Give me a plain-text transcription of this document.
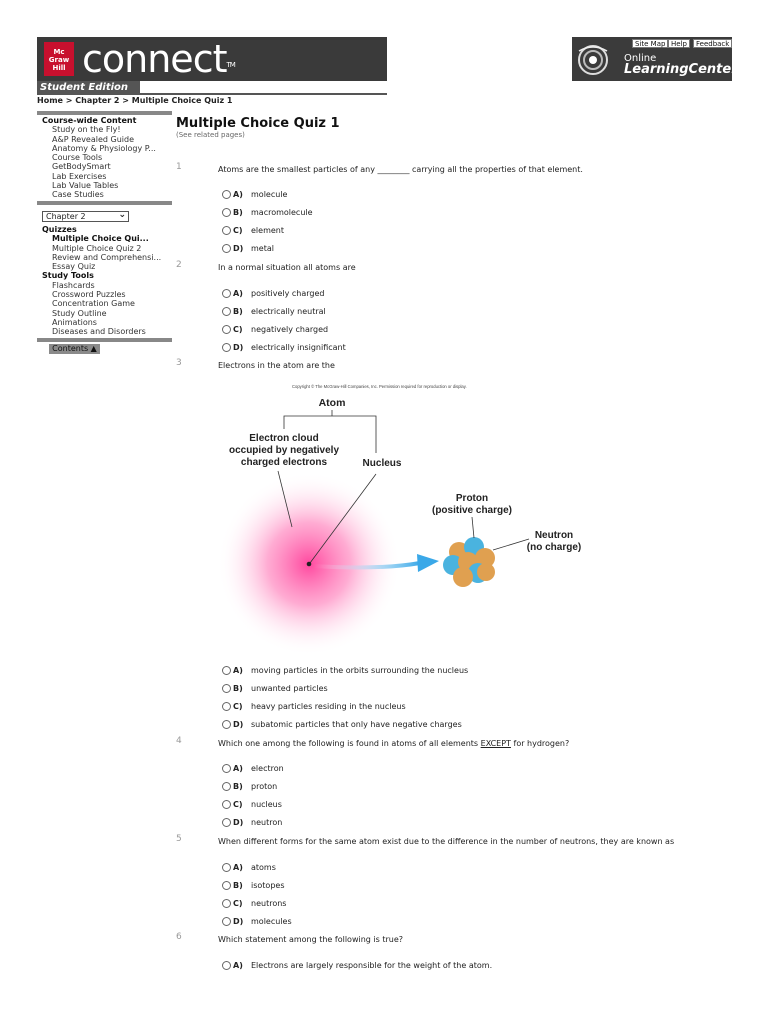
Mc
Graw
Hill connect™
Student Edition
Home > Chapter 2 > Multiple Choice Quiz 1
Site Map Help	Feedback
Online
LearningCenter
Course-wide Content
Study on the Fly!
A&P Revealed Guide
Anatomy & Physiology P...
Course Tools
GetBodySmart
Lab Exercises
Lab Value Tables
Case Studies
Chapter 2	⌄
Quizzes
Multiple Choice Qui...
Multiple Choice Quiz 2
Review and Comprehensi...
Essay Quiz
Study Tools
Flashcards
Crossword Puzzles
Concentration Game
Study Outline
Animations
Diseases and Disorders
Contents ▲
Multiple Choice Quiz 1
(See related pages)
1	Atoms are the smallest particles of any ________ carrying all the properties of that element.
A)	molecule
B)	macromolecule
C)	element
D) metal
2	In a normal situation all atoms are
A)	positively charged
B)	electrically neutral
C)	negatively charged
D) electrically insignificant
3	Electrons in the atom are the
Copyright © The McGraw-Hill Companies, Inc. Permission required for reproduction or display.
Atom
Electron cloud
occupied by negatively
charged electrons	Nucleus
Proton
(positive charge)
Neutron
(no charge)
A)	moving particles in the orbits surrounding the nucleus
B)	unwanted particles
C)	heavy particles residing in the nucleus
D) subatomic particles that only have negative charges
4	Which one among the following is found in atoms of all elements EXCEPT for hydrogen?
A)	electron
B)	proton
C)	nucleus
D) neutron
5	When different forms for the same atom exist due to the difference in the number of neutrons, they are known as
A)	atoms
B)	isotopes
C)	neutrons
D) molecules
6	Which statement among the following is true?
A)	Electrons are largely responsible for the weight of the atom.
